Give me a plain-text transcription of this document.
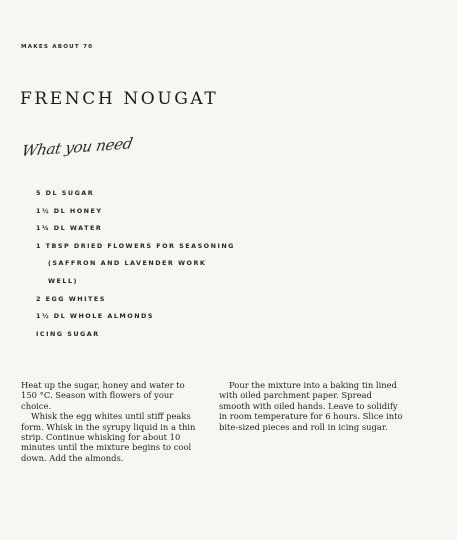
MAKES ABOUT 70
FRENCH NOUGAT
What you need
5 DL SUGAR
1½ DL HONEY
1¼ DL WATER
1 TBSP DRIED FLOWERS FOR SEASONING (SAFFRON AND LAVENDER WORK WELL)
2 EGG WHITES
1½ DL WHOLE ALMONDS
ICING SUGAR

Heat up the sugar, honey and water to 150 °C. Season with flowers of your choice.

Whisk the egg whites until stiff peaks form. Whisk in the syrupy liquid in a thin strip. Continue whisking for about 10 minutes until the mixture begins to cool down. Add the almonds.

Pour the mixture into a baking tin lined with oiled parchment paper. Spread smooth with oiled hands. Leave to solidify in room temperature for 6 hours. Slice into bite-sized pieces and roll in icing sugar.
